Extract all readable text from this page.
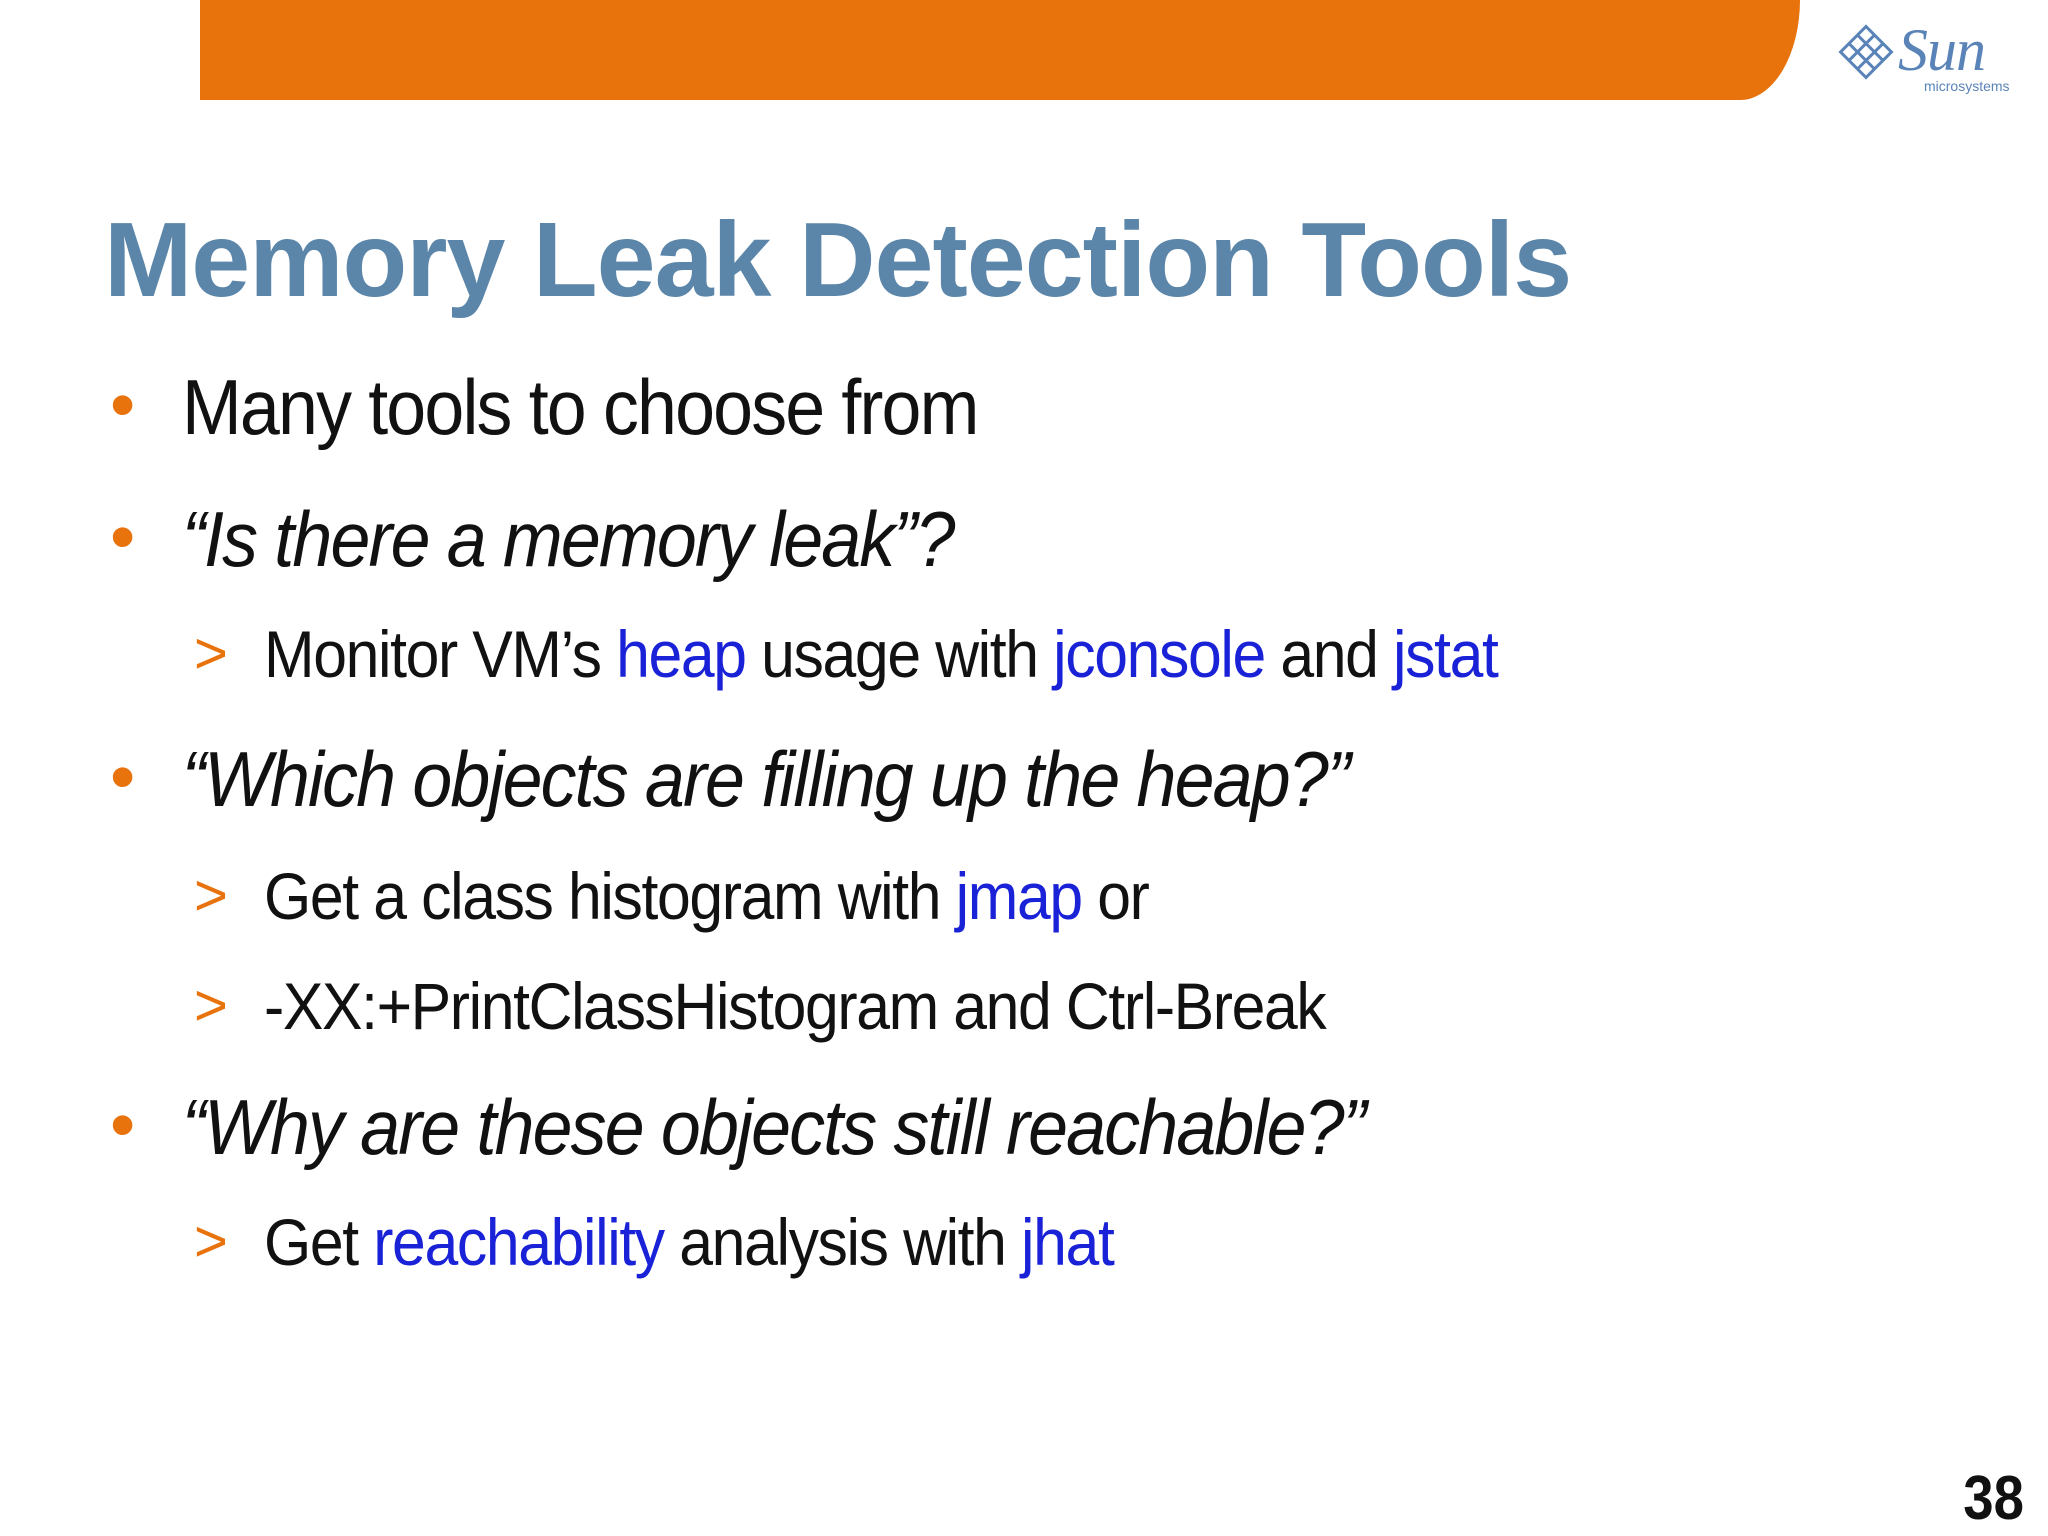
Sun
microsystems
Memory Leak Detection Tools
• Many tools to choose from
• “Is there a memory leak”?
> Monitor VM’s heap usage with jconsole and jstat
• “Which objects are filling up the heap?”
> Get a class histogram with jmap or
> -XX:+PrintClassHistogram and Ctrl-Break
• “Why are these objects still reachable?”
> Get reachability analysis with jhat
38
